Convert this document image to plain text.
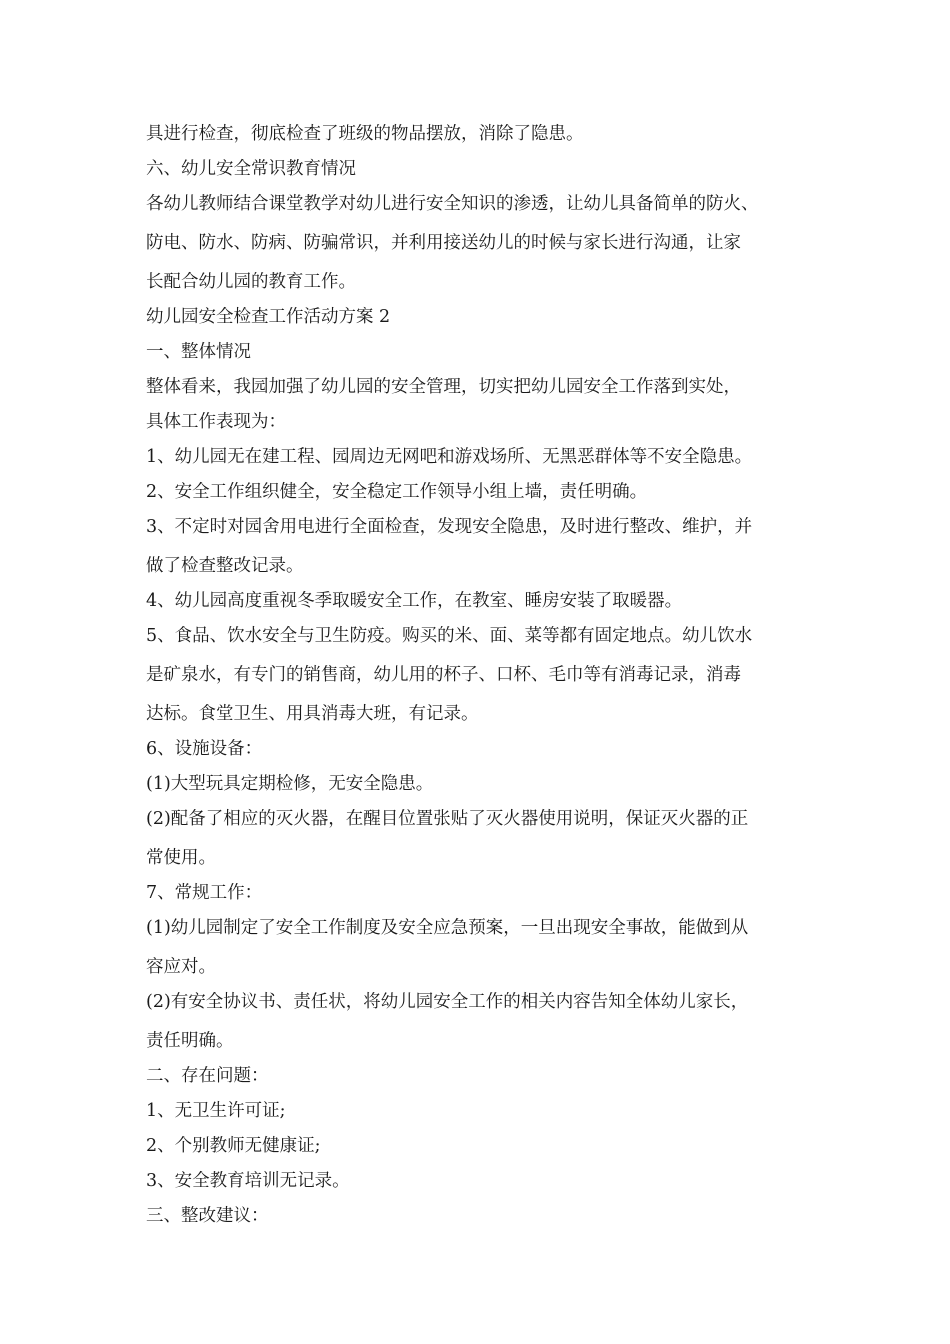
具进行检查，彻底检查了班级的物品摆放，消除了隐患。

六、幼儿安全常识教育情况

各幼儿教师结合课堂教学对幼儿进行安全知识的渗透，让幼儿具备简单的防火、

防电、防水、防病、防骗常识，并利用接送幼儿的时候与家长进行沟通，让家

长配合幼儿园的教育工作。

幼儿园安全检查工作活动方案 2

一、整体情况

整体看来，我园加强了幼儿园的安全管理，切实把幼儿园安全工作落到实处，

具体工作表现为：

1、幼儿园无在建工程、园周边无网吧和游戏场所、无黑恶群体等不安全隐患。

2、安全工作组织健全，安全稳定工作领导小组上墙，责任明确。

3、不定时对园舍用电进行全面检查，发现安全隐患，及时进行整改、维护，并

做了检查整改记录。

4、幼儿园高度重视冬季取暖安全工作，在教室、睡房安装了取暖器。

5、食品、饮水安全与卫生防疫。购买的米、面、菜等都有固定地点。幼儿饮水

是矿泉水，有专门的销售商，幼儿用的杯子、口杯、毛巾等有消毒记录，消毒

达标。食堂卫生、用具消毒大班，有记录。

6、设施设备：

(1)大型玩具定期检修，无安全隐患。

(2)配备了相应的灭火器，在醒目位置张贴了灭火器使用说明，保证灭火器的正

常使用。

7、常规工作：

(1)幼儿园制定了安全工作制度及安全应急预案，一旦出现安全事故，能做到从

容应对。

(2)有安全协议书、责任状，将幼儿园安全工作的相关内容告知全体幼儿家长，

责任明确。

二、存在问题：

1、无卫生许可证;

2、个别教师无健康证;

3、安全教育培训无记录。

三、整改建议：
